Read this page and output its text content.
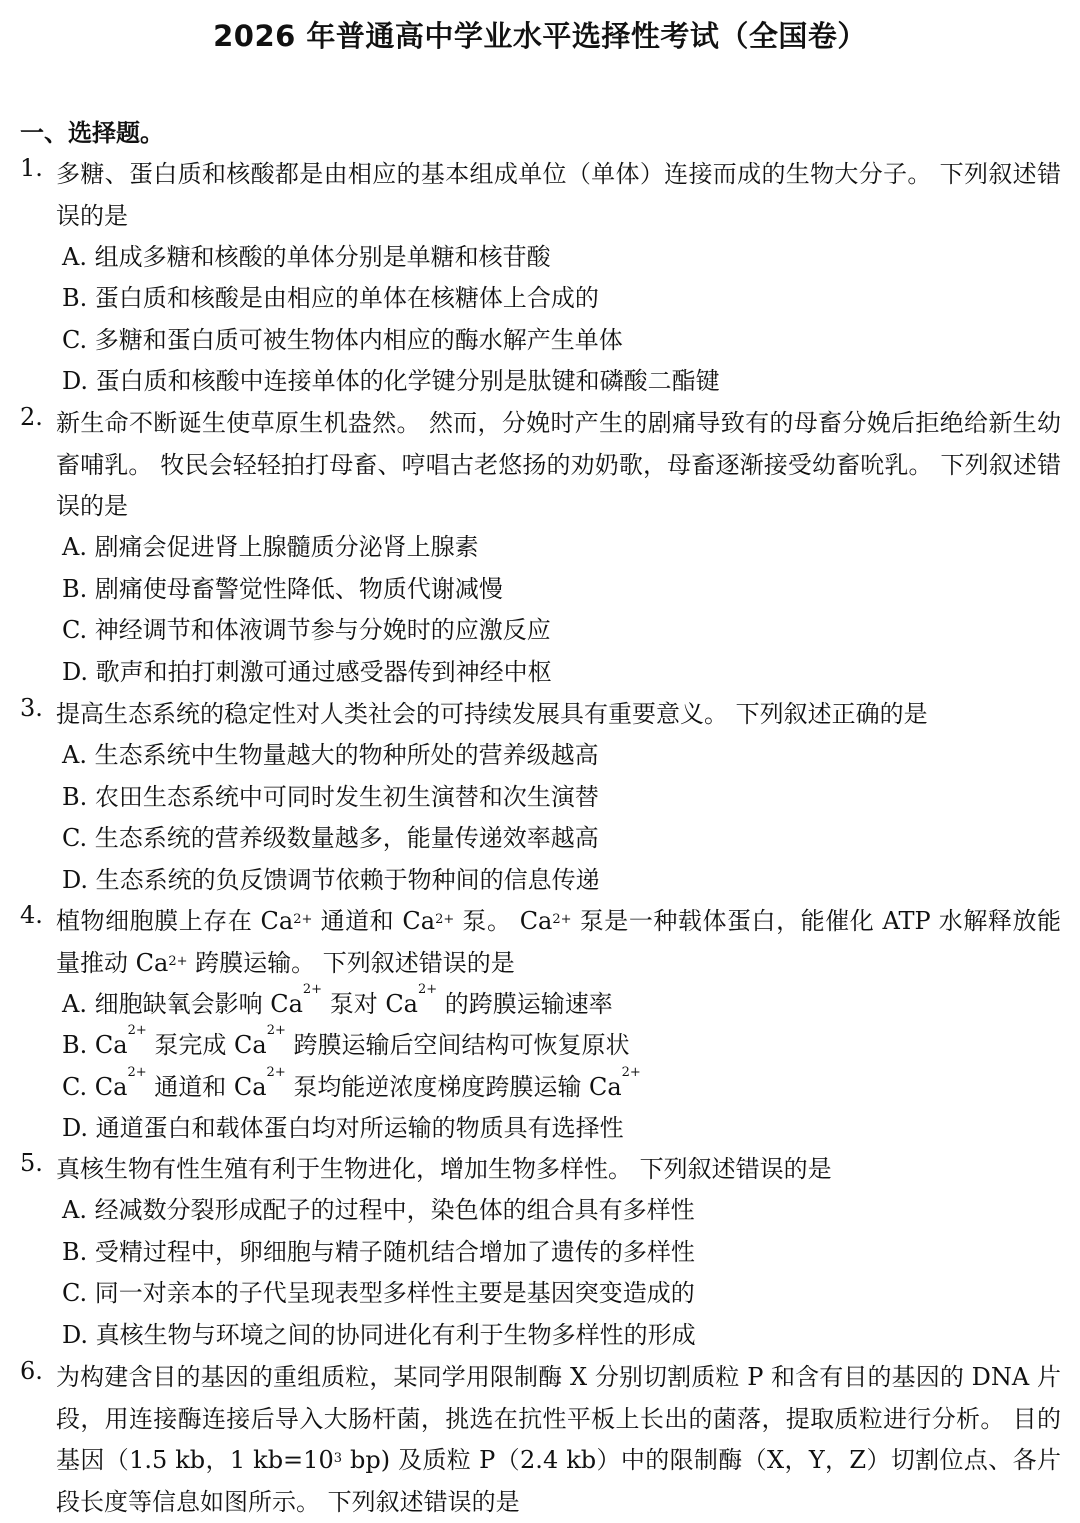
2026 年普通高中学业水平选择性考试（全国卷）
一、选择题。
1. 多糖、蛋白质和核酸都是由相应的基本组成单位（单体）连接而成的生物大分子。 下列叙述错误的是
A. 组成多糖和核酸的单体分别是单糖和核苷酸
B. 蛋白质和核酸是由相应的单体在核糖体上合成的
C. 多糖和蛋白质可被生物体内相应的酶水解产生单体
D. 蛋白质和核酸中连接单体的化学键分别是肽键和磷酸二酯键
2. 新生命不断诞生使草原生机盎然。 然而，分娩时产生的剧痛导致有的母畜分娩后拒绝给新生幼畜哺乳。 牧民会轻轻拍打母畜、哼唱古老悠扬的劝奶歌，母畜逐渐接受幼畜吮乳。 下列叙述错误的是
A. 剧痛会促进肾上腺髓质分泌肾上腺素
B. 剧痛使母畜警觉性降低、物质代谢减慢
C. 神经调节和体液调节参与分娩时的应激反应
D. 歌声和拍打刺激可通过感受器传到神经中枢
3. 提高生态系统的稳定性对人类社会的可持续发展具有重要意义。 下列叙述正确的是
A. 生态系统中生物量越大的物种所处的营养级越高
B. 农田生态系统中可同时发生初生演替和次生演替
C. 生态系统的营养级数量越多，能量传递效率越高
D. 生态系统的负反馈调节依赖于物种间的信息传递
4. 植物细胞膜上存在 $Ca^{2+}$ 通道和 $Ca^{2+}$ 泵。 $Ca^{2+}$ 泵是一种载体蛋白，能催化 ATP 水解释放能量推动 $Ca^{2+}$ 跨膜运输。 下列叙述错误的是
A. 细胞缺氧会影响 $Ca^{2+}$ 泵对 $Ca^{2+}$ 的跨膜运输速率
B. $Ca^{2+}$ 泵完成 $Ca^{2+}$ 跨膜运输后空间结构可恢复原状
C. $Ca^{2+}$ 通道和 $Ca^{2+}$ 泵均能逆浓度梯度跨膜运输 $Ca^{2+}$
D. 通道蛋白和载体蛋白均对所运输的物质具有选择性
5. 真核生物有性生殖有利于生物进化，增加生物多样性。 下列叙述错误的是
A. 经减数分裂形成配子的过程中，染色体的组合具有多样性
B. 受精过程中，卵细胞与精子随机结合增加了遗传的多样性
C. 同一对亲本的子代呈现表型多样性主要是基因突变造成的
D. 真核生物与环境之间的协同进化有利于生物多样性的形成
6. 为构建含目的基因的重组质粒，某同学用限制酶 X 分别切割质粒 P 和含有目的基因的 DNA 片段，用连接酶连接后导入大肠杆菌，挑选在抗性平板上长出的菌落，提取质粒进行分析。 目的基因（1.5 kb，1 $kb=10^3$ bp) 及质粒 P（2.4 kb）中的限制酶（X，Y，Z）切割位点、各片段长度等信息如图所示。 下列叙述错误的是
